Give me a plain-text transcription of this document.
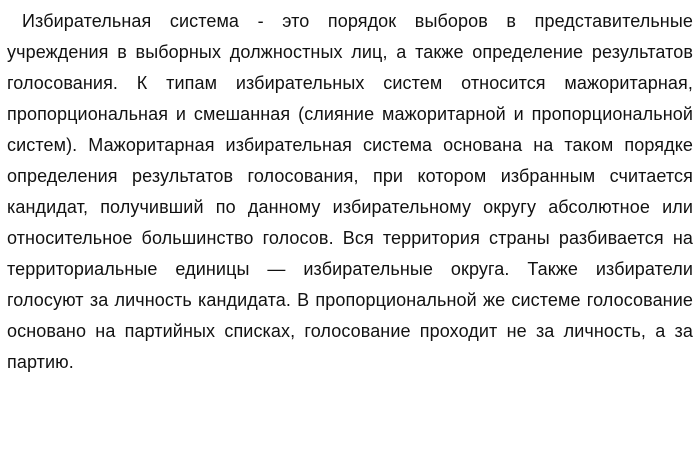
Избирательная система - это порядок выборов в представительные учреждения в выборных должностных лиц, а также определение результатов голосования. К типам избирательных систем относится мажоритарная, пропорциональная и смешанная (слияние мажоритарной и пропорциональной систем). Мажоритарная избирательная система основана на таком порядке определения результатов голосования, при котором избранным считается кандидат, получивший по данному избирательному округу абсолютное или относительное большинство голосов. Вся территория страны разбивается на территориальные единицы — избирательные округа. Также избиратели голосуют за личность кандидата. В пропорциональной же системе голосование основано на партийных списках, голосование проходит не за личность, а за партию.
